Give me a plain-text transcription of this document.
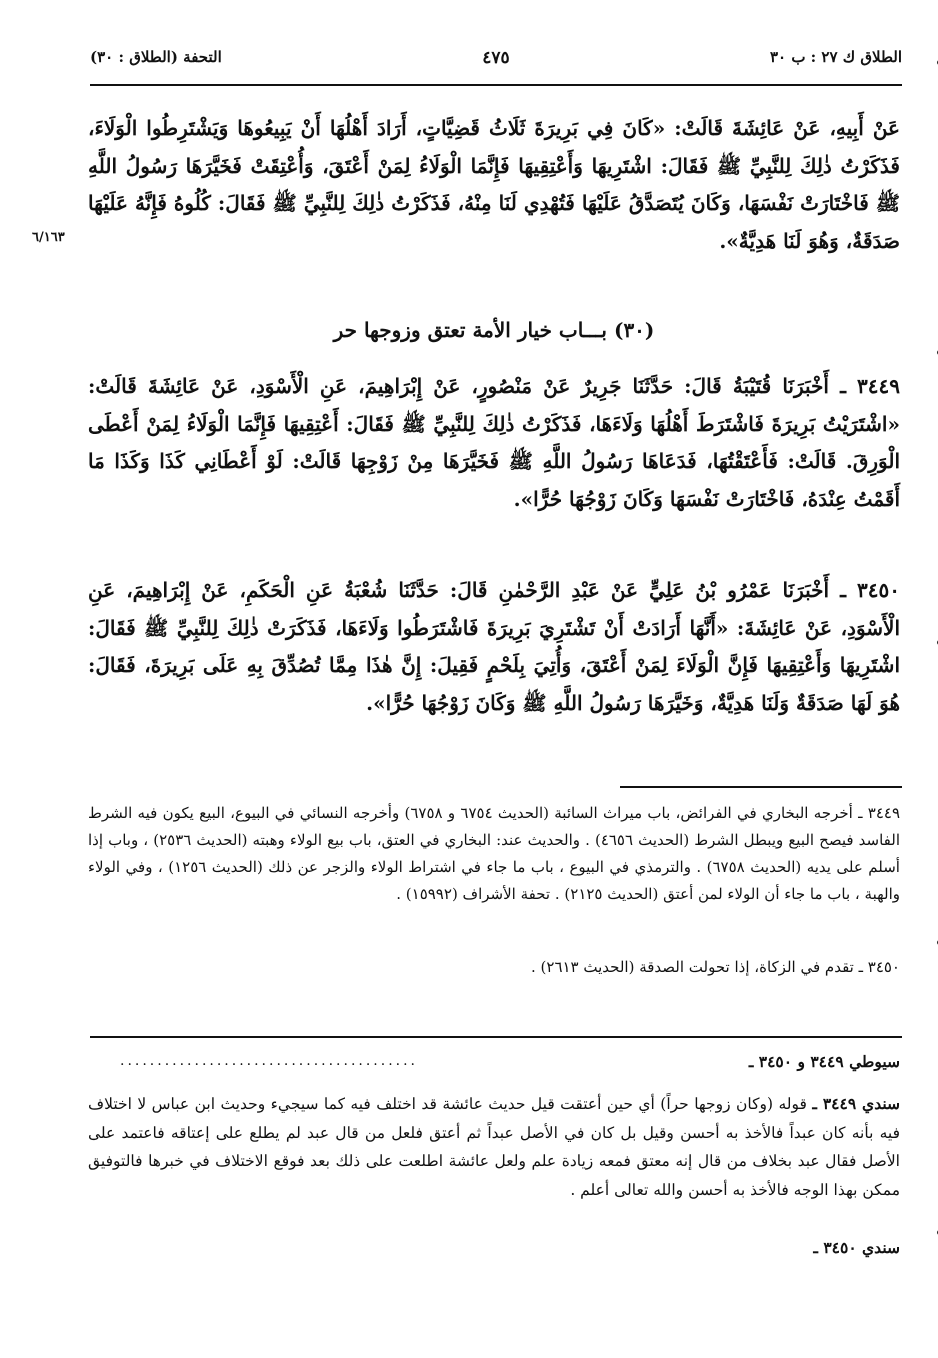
الطلاق ك ٢٧ : ب ٣٠
٤٧٥
التحفة (الطلاق : ٣٠)
عَنْ أَبِيهِ، عَنْ عَائِشَةَ قَالَتْ: «كَانَ فِي بَرِيرَةَ ثَلَاثُ قَضِيَّاتٍ، أَرَادَ أَهْلُهَا أَنْ يَبِيعُوهَا وَيَشْتَرِطُوا الْوَلَاءَ، فَذَكَرْتُ ذٰلِكَ لِلنَّبِيِّ ﷺ فَقَالَ: اشْتَرِيهَا وَأَعْتِقِيهَا فَإِنَّمَا الْوَلَاءُ لِمَنْ أَعْتَقَ، وَأُعْتِقَتْ فَخَيَّرَهَا رَسُولُ اللَّهِ ﷺ فَاخْتَارَتْ نَفْسَهَا، وَكَانَ يُتَصَدَّقُ عَلَيْهَا فَتُهْدِي لَنَا مِنْهُ، فَذَكَرْتُ ذٰلِكَ لِلنَّبِيِّ ﷺ فَقَالَ: كُلُوهُ فَإِنَّهُ عَلَيْهَا صَدَقَةٌ، وَهُوَ لَنَا هَدِيَّةٌ».
٦/١٦٣
(٣٠) بـــاب خيار الأمة تعتق وزوجها حر
٣٤٤٩ ـ أَخْبَرَنَا قُتَيْبَةُ قَالَ: حَدَّثَنَا جَرِيرٌ عَنْ مَنْصُورٍ، عَنْ إِبْرَاهِيمَ، عَنِ الْأَسْوَدِ، عَنْ عَائِشَةَ قَالَتْ: «اشْتَرَيْتُ بَرِيرَةَ فَاشْتَرَطَ أَهْلُهَا وَلَاءَهَا، فَذَكَرْتُ ذٰلِكَ لِلنَّبِيِّ ﷺ فَقَالَ: أَعْتِقِيهَا فَإِنَّمَا الْوَلَاءُ لِمَنْ أَعْطَى الْوَرِقَ. قَالَتْ: فَأَعْتَقْتُهَا، فَدَعَاهَا رَسُولُ اللَّهِ ﷺ فَخَيَّرَهَا مِنْ زَوْجِهَا قَالَتْ: لَوْ أَعْطَانِي كَذَا وَكَذَا مَا أَقَمْتُ عِنْدَهُ، فَاخْتَارَتْ نَفْسَهَا وَكَانَ زَوْجُهَا حُرًّا».
٣٤٥٠ ـ أَخْبَرَنَا عَمْرُو بْنُ عَلِيٍّ عَنْ عَبْدِ الرَّحْمٰنِ قَالَ: حَدَّثَنَا شُعْبَةُ عَنِ الْحَكَمِ، عَنْ إِبْرَاهِيمَ، عَنِ الْأَسْوَدِ، عَنْ عَائِشَةَ: «أَنَّهَا أَرَادَتْ أَنْ تَشْتَرِيَ بَرِيرَةَ فَاشْتَرَطُوا وَلَاءَهَا، فَذَكَرَتْ ذٰلِكَ لِلنَّبِيِّ ﷺ فَقَالَ: اشْتَرِيهَا وَأَعْتِقِيهَا فَإِنَّ الْوَلَاءَ لِمَنْ أَعْتَقَ، وَأُتِيَ بِلَحْمٍ فَقِيلَ: إِنَّ هٰذَا مِمَّا تُصُدِّقَ بِهِ عَلَى بَرِيرَةَ، فَقَالَ: هُوَ لَهَا صَدَقَةٌ وَلَنَا هَدِيَّةٌ، وَخَيَّرَهَا رَسُولُ اللَّهِ ﷺ وَكَانَ زَوْجُهَا حُرًّا».
٣٤٤٩ ـ أخرجه البخاري في الفرائض، باب ميراث السائبة (الحديث ٦٧٥٤ و ٦٧٥٨) وأخرجه النسائي في البيوع، البيع يكون فيه الشرط الفاسد فيصح البيع ويبطل الشرط (الحديث ٤٦٥٦) . والحديث عند: البخاري في العتق، باب بيع الولاء وهبته (الحديث ٢٥٣٦) ، وباب إذا أسلم على يديه (الحديث ٦٧٥٨) . والترمذي في البيوع ، باب ما جاء في اشتراط الولاء والزجر عن ذلك (الحديث ١٢٥٦) ، وفي الولاء والهبة ، باب ما جاء أن الولاء لمن أعتق (الحديث ٢١٢٥) . تحفة الأشراف (١٥٩٩٢) .
٣٤٥٠ ـ تقدم في الزكاة، إذا تحولت الصدقة (الحديث ٢٦١٣) .
سيوطي ٣٤٤٩ و ٣٤٥٠ ـ
........................................
سندي ٣٤٤٩ ـ قوله (وكان زوجها حراً) أي حين أعتقت قيل حديث عائشة قد اختلف فيه كما سيجيء وحديث ابن عباس لا اختلاف فيه بأنه كان عبداً فالأخذ به أحسن وقيل بل كان في الأصل عبداً ثم أعتق فلعل من قال عبد لم يطلع على إعتاقه فاعتمد على الأصل فقال عبد بخلاف من قال إنه معتق فمعه زيادة علم ولعل عائشة اطلعت على ذلك بعد فوقع الاختلاف في خبرها فالتوفيق ممكن بهذا الوجه فالأخذ به أحسن والله تعالى أعلم .
سندي ٣٤٥٠ ـ
